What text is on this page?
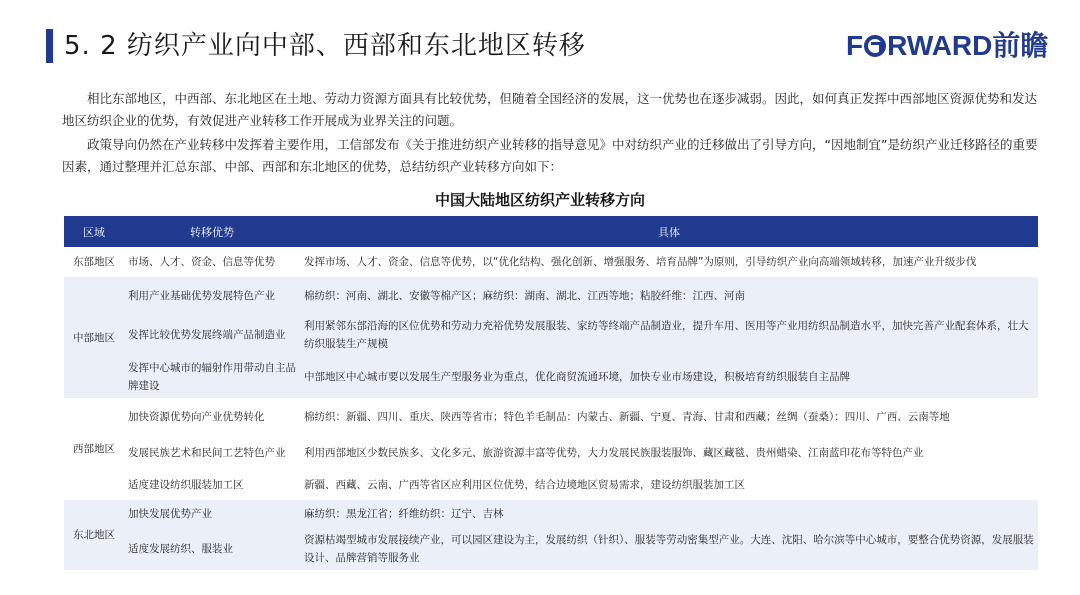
5. 2 纺织产业向中部、西部和东北地区转移	F RWARD前瞻

相比东部地区，中西部、东北地区在土地、劳动力资源方面具有比较优势，但随着全国经济的发展，这一优势也在逐步减弱。因此，如何真正发挥中西部地区资源优势和发达地区纺织企业的优势，有效促进产业转移工作开展成为业界关注的问题。

政策导向仍然在产业转移中发挥着主要作用，工信部发布《关于推进纺织产业转移的指导意见》中对纺织产业的迁移做出了引导方向，“因地制宜”是纺织产业迁移路径的重要因素，通过整理并汇总东部、中部、西部和东北地区的优势，总结纺织产业转移方向如下：

中国大陆地区纺织产业转移方向
区域	转移优势	具体
东部地区	市场、人才、资金、信息等优势	发挥市场、人才、资金、信息等优势，以“优化结构、强化创新、增强服务、培育品牌”为原则，引导纺织产业向高端领域转移，加速产业升级步伐
中部地区	利用产业基础优势发展特色产业	棉纺织：河南、湖北、安徽等棉产区；麻纺织：湖南、湖北、江西等地；粘胶纤维：江西、河南
	发挥比较优势发展终端产品制造业	利用紧邻东部沿海的区位优势和劳动力充裕优势发展服装、家纺等终端产品制造业，提升车用、医用等产业用纺织品制造水平，加快完善产业配套体系，壮大纺织服装生产规模
	发挥中心城市的辐射作用带动自主品牌建设	中部地区中心城市要以发展生产型服务业为重点，优化商贸流通环境，加快专业市场建设，积极培育纺织服装自主品牌
西部地区	加快资源优势向产业优势转化	棉纺织：新疆、四川、重庆、陕西等省市；特色羊毛制品：内蒙古、新疆、宁夏、青海、甘肃和西藏；丝绸（蚕桑）：四川、广西、云南等地
	发展民族艺术和民间工艺特色产业	利用西部地区少数民族多、文化多元、旅游资源丰富等优势，大力发展民族服装服饰、藏区藏毯、贵州蜡染、江南蓝印花布等特色产业
	适度建设纺织服装加工区	新疆、西藏、云南、广西等省区应利用区位优势，结合边境地区贸易需求，建设纺织服装加工区
东北地区	加快发展优势产业	麻纺织：黑龙江省；纤维纺织：辽宁、吉林
	适度发展纺织、服装业	资源枯竭型城市发展接续产业，可以园区建设为主，发展纺织（针织）、服装等劳动密集型产业。大连、沈阳、哈尔滨等中心城市，要整合优势资源，发展服装设计、品牌营销等服务业
